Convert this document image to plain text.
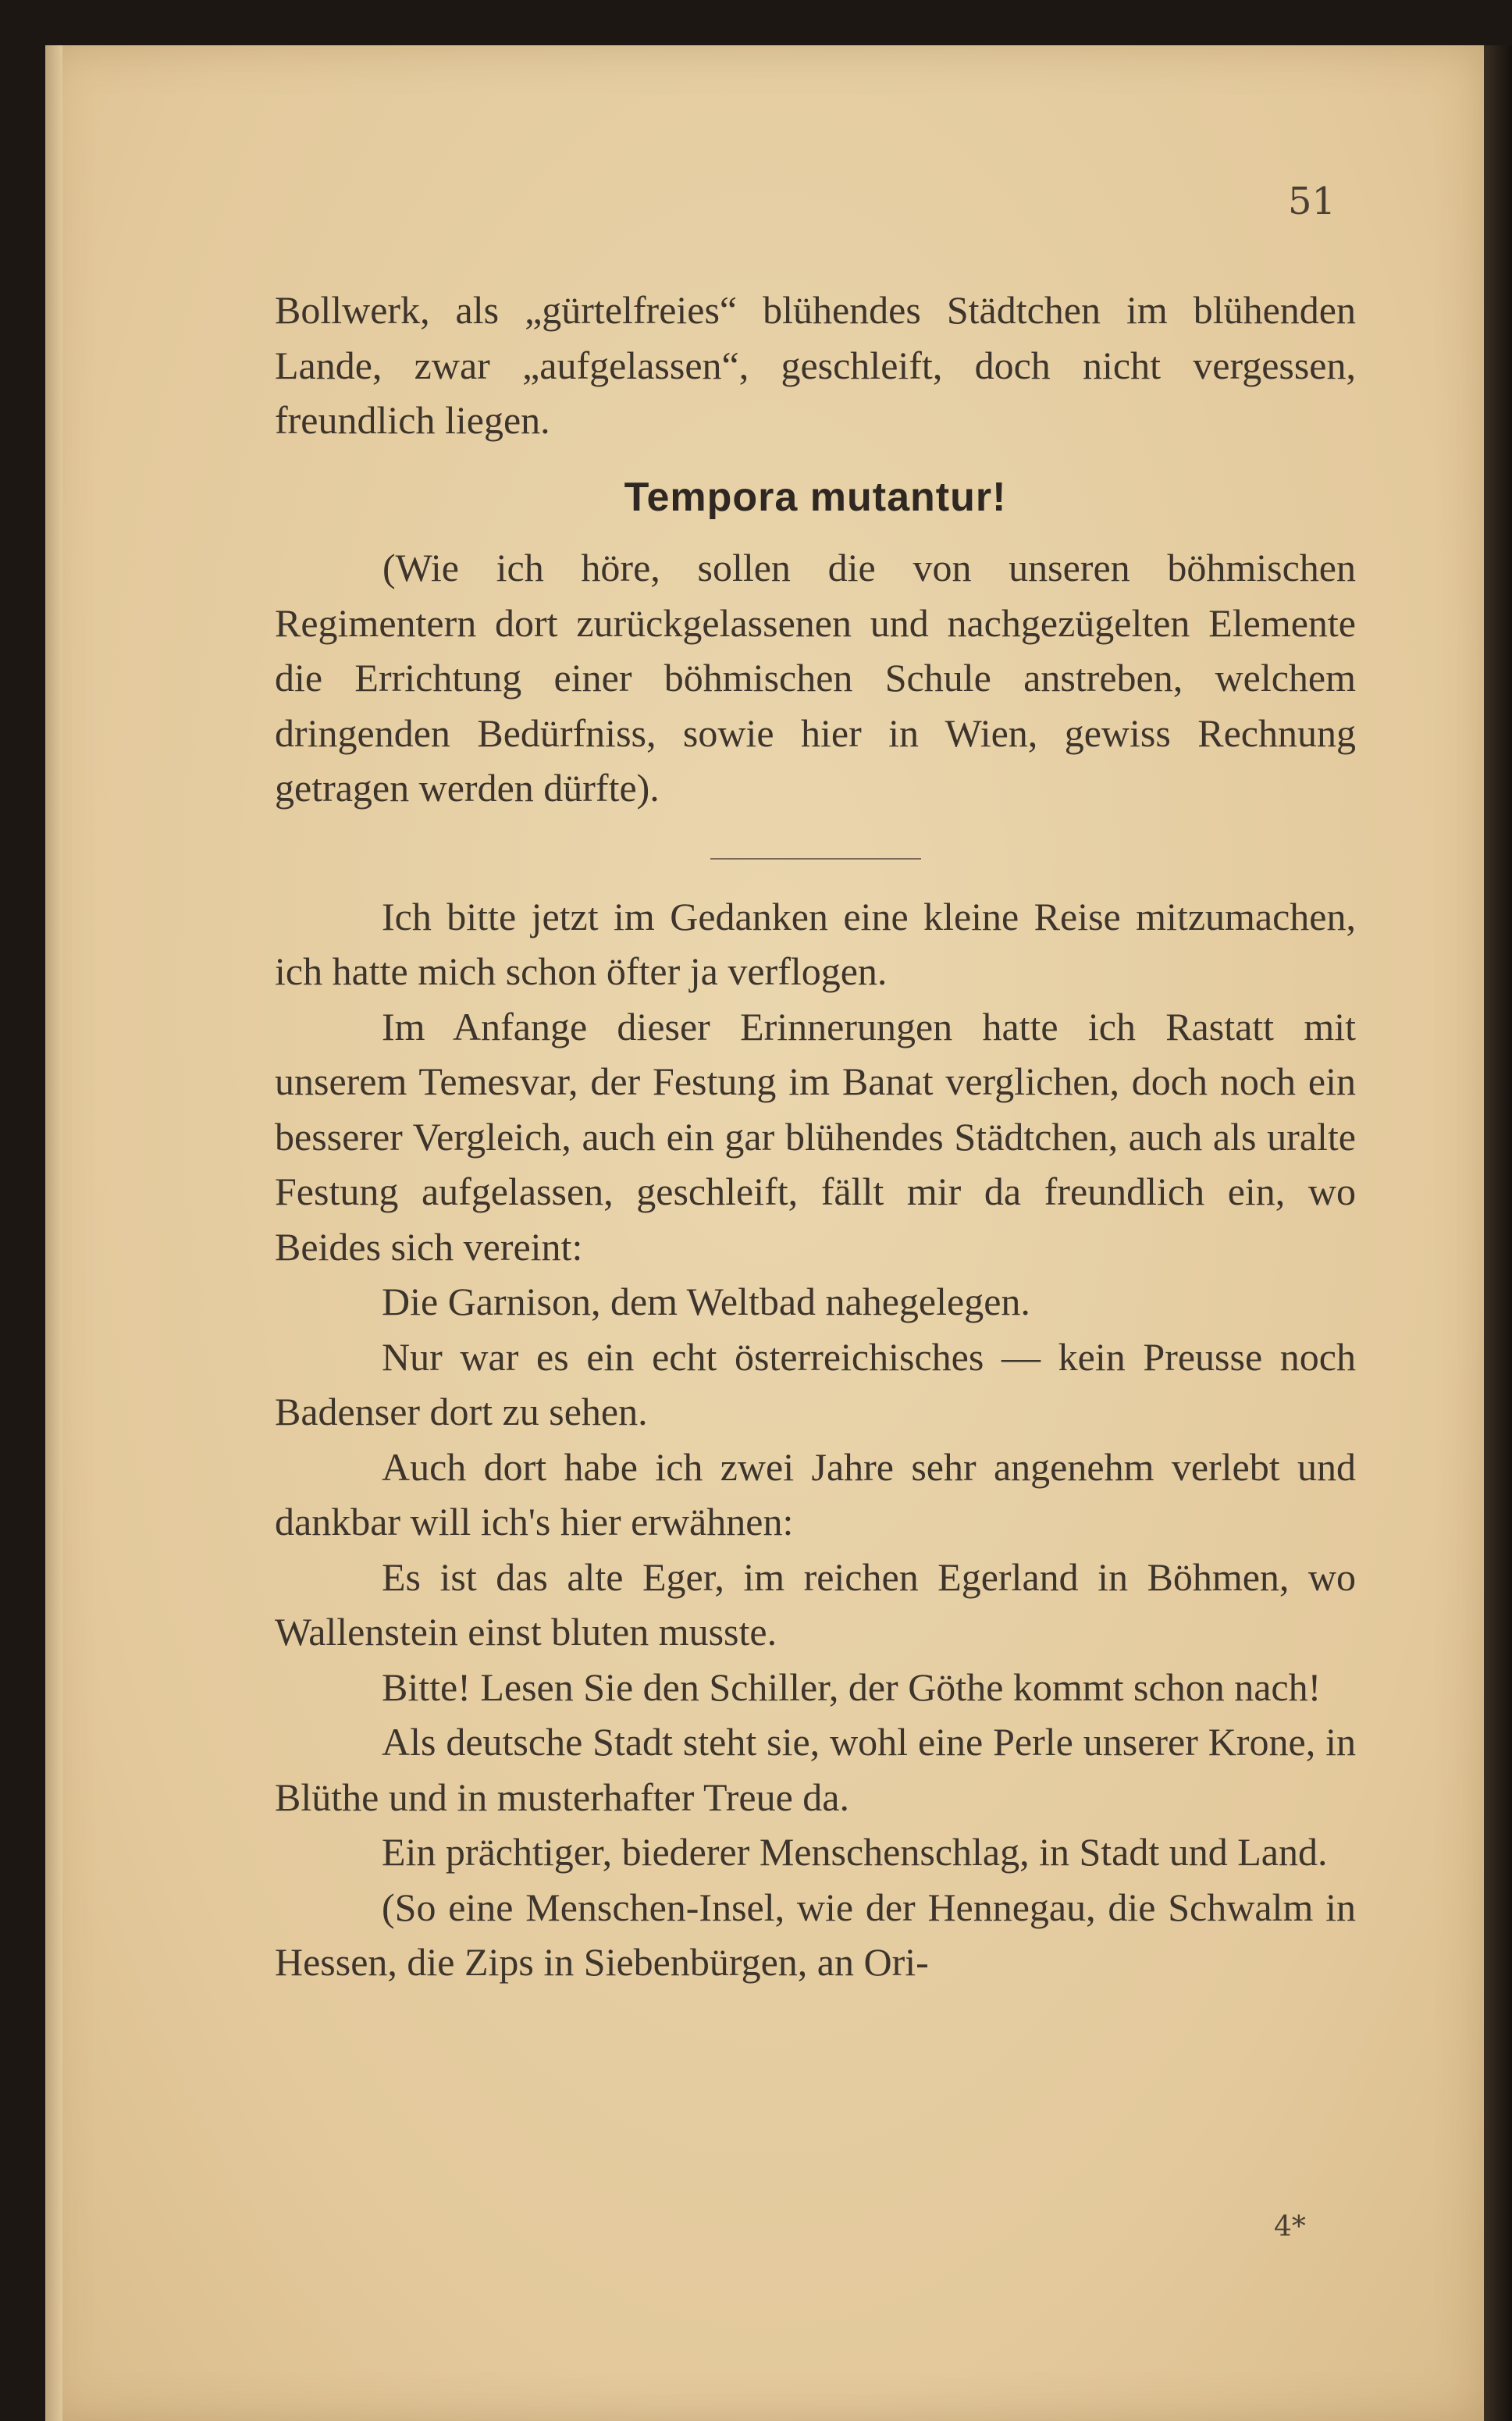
51

Bollwerk, als „gürtelfreies“ blühendes Städtchen im blühenden Lande, zwar „aufgelassen“, geschleift, doch nicht vergessen, freundlich liegen.

Tempora mutantur!

(Wie ich höre, sollen die von unseren böhmischen Regimentern dort zurückgelassenen und nachgezügelten Elemente die Errichtung einer böhmischen Schule anstreben, welchem dringenden Bedürfniss, sowie hier in Wien, gewiss Rechnung getragen werden dürfte).

Ich bitte jetzt im Gedanken eine kleine Reise mitzumachen, ich hatte mich schon öfter ja verflogen.

Im Anfange dieser Erinnerungen hatte ich Rastatt mit unserem Temesvar, der Festung im Banat verglichen, doch noch ein besserer Vergleich, auch ein gar blühendes Städtchen, auch als uralte Festung aufgelassen, geschleift, fällt mir da freundlich ein, wo Beides sich vereint:

Die Garnison, dem Weltbad nahegelegen.

Nur war es ein echt österreichisches — kein Preusse noch Badenser dort zu sehen.

Auch dort habe ich zwei Jahre sehr angenehm verlebt und dankbar will ich's hier erwähnen:

Es ist das alte Eger, im reichen Egerland in Böhmen, wo Wallenstein einst bluten musste.

Bitte! Lesen Sie den Schiller, der Göthe kommt schon nach!

Als deutsche Stadt steht sie, wohl eine Perle unserer Krone, in Blüthe und in musterhafter Treue da.

Ein prächtiger, biederer Menschenschlag, in Stadt und Land.

(So eine Menschen-Insel, wie der Hennegau, die Schwalm in Hessen, die Zips in Siebenbürgen, an Ori-

4*
